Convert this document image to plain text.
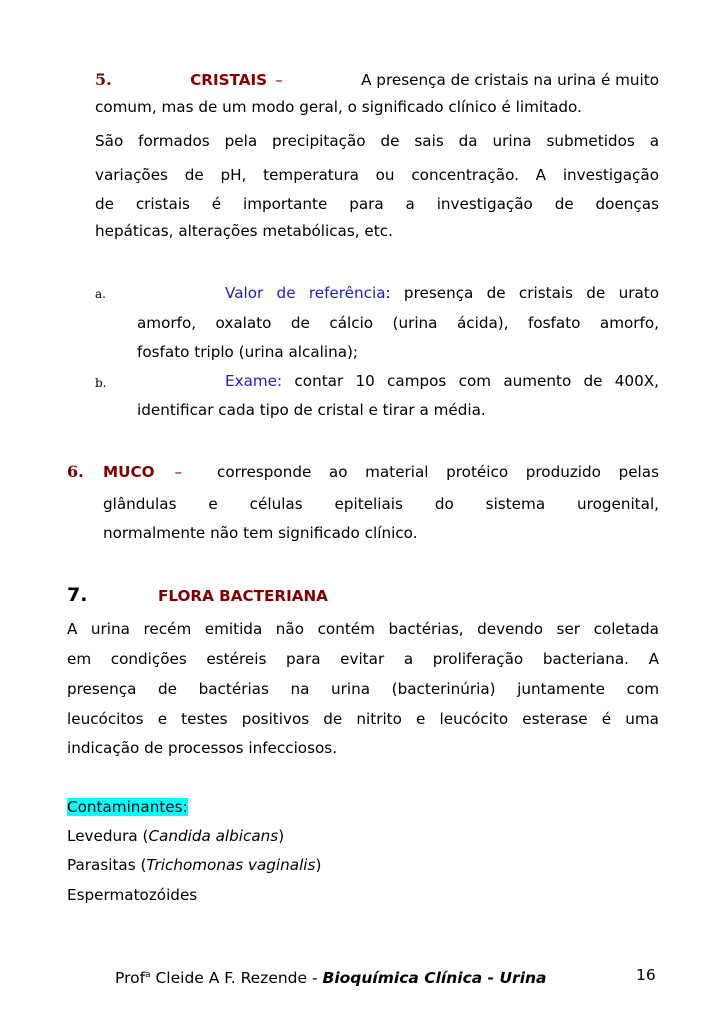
5.	CRISTAIS –	A presença de cristais na urina é muito
comum, mas de um modo geral, o significado clínico é limitado.
São formados pela precipitação de sais da urina submetidos a
variações de pH, temperatura ou concentração. A investigação
de cristais é importante para a investigação de doenças
hepáticas, alterações metabólicas, etc.
a.	Valor de referência: presença de cristais de urato
amorfo, oxalato de cálcio (urina ácida), fosfato amorfo,
fosfato triplo (urina alcalina);
b.	Exame: contar 10 campos com aumento de 400X,
identificar cada tipo de cristal e tirar a média.
6. MUCO – corresponde ao material protéico produzido pelas
glândulas e células epiteliais do sistema urogenital,
normalmente não tem significado clínico.
7.	FLORA BACTERIANA
A urina recém emitida não contém bactérias, devendo ser coletada
em condições estéreis para evitar a proliferação bacteriana. A
presença de bactérias na urina (bacterinúria) juntamente com
leucócitos e testes positivos de nitrito e leucócito esterase é uma
indicação de processos infecciosos.
Contaminantes:
Levedura (Candida albicans)
Parasitas (Trichomonas vaginalis)
Espermatozóides
Prof$^a$ Cleide A F. Rezende - Bioquímica Clínica - Urina	16
